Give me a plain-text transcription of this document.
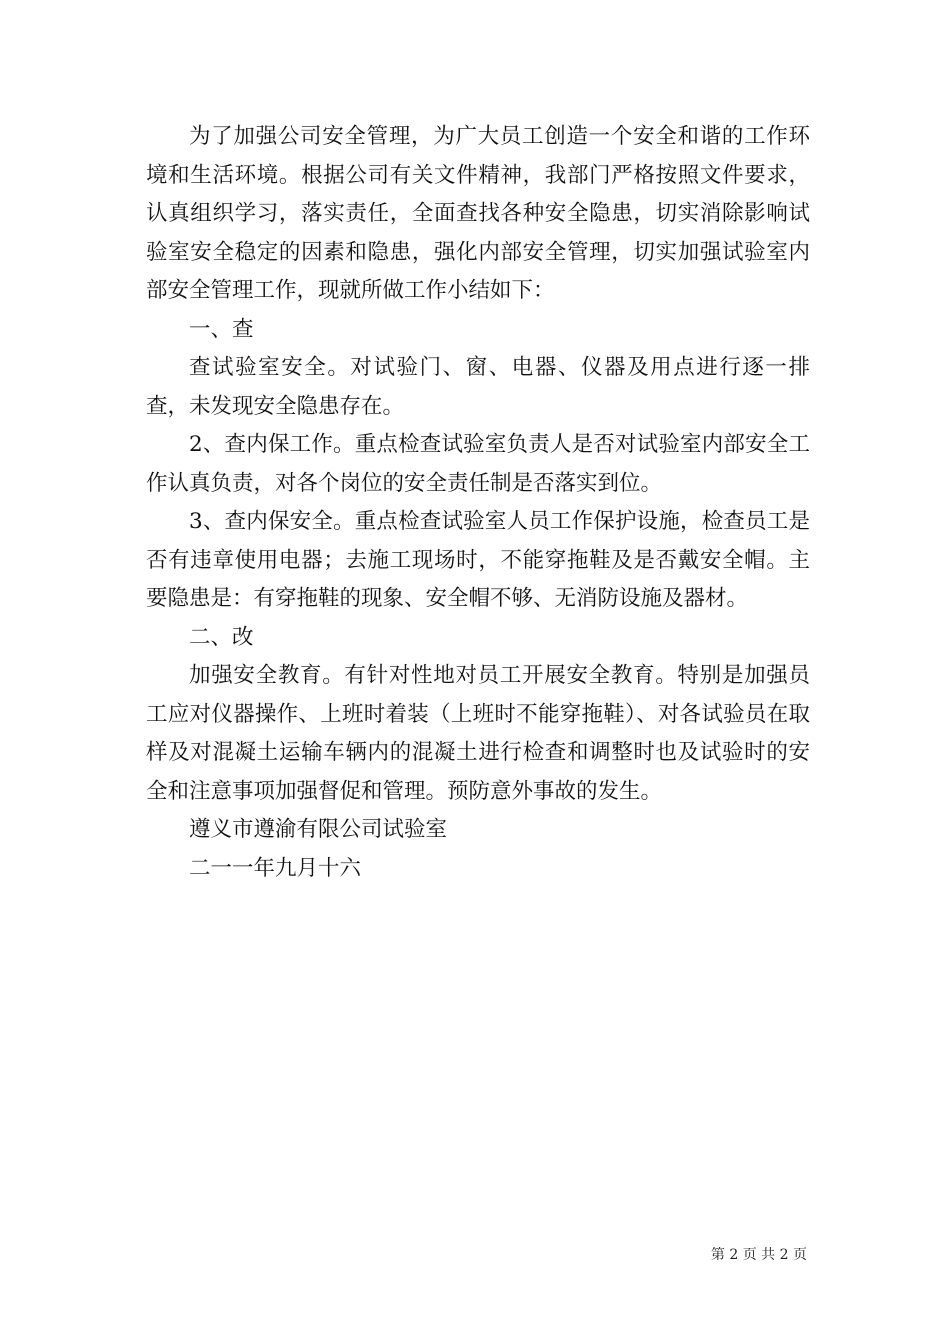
为了加强公司安全管理，为广大员工创造一个安全和谐的工作环境和生活环境。根据公司有关文件精神，我部门严格按照文件要求，认真组织学习，落实责任，全面查找各种安全隐患，切实消除影响试验室安全稳定的因素和隐患，强化内部安全管理，切实加强试验室内部安全管理工作，现就所做工作小结如下：

一、查

查试验室安全。对试验门、窗、电器、仪器及用点进行逐一排查，未发现安全隐患存在。

2、查内保工作。重点检查试验室负责人是否对试验室内部安全工作认真负责，对各个岗位的安全责任制是否落实到位。

3、查内保安全。重点检查试验室人员工作保护设施，检查员工是否有违章使用电器；去施工现场时，不能穿拖鞋及是否戴安全帽。主要隐患是：有穿拖鞋的现象、安全帽不够、无消防设施及器材。

二、改

加强安全教育。有针对性地对员工开展安全教育。特别是加强员工应对仪器操作、上班时着装（上班时不能穿拖鞋）、对各试验员在取样及对混凝土运输车辆内的混凝土进行检查和调整时也及试验时的安全和注意事项加强督促和管理。预防意外事故的发生。

遵义市遵渝有限公司试验室

二一一年九月十六

第 2 页 共 2 页
